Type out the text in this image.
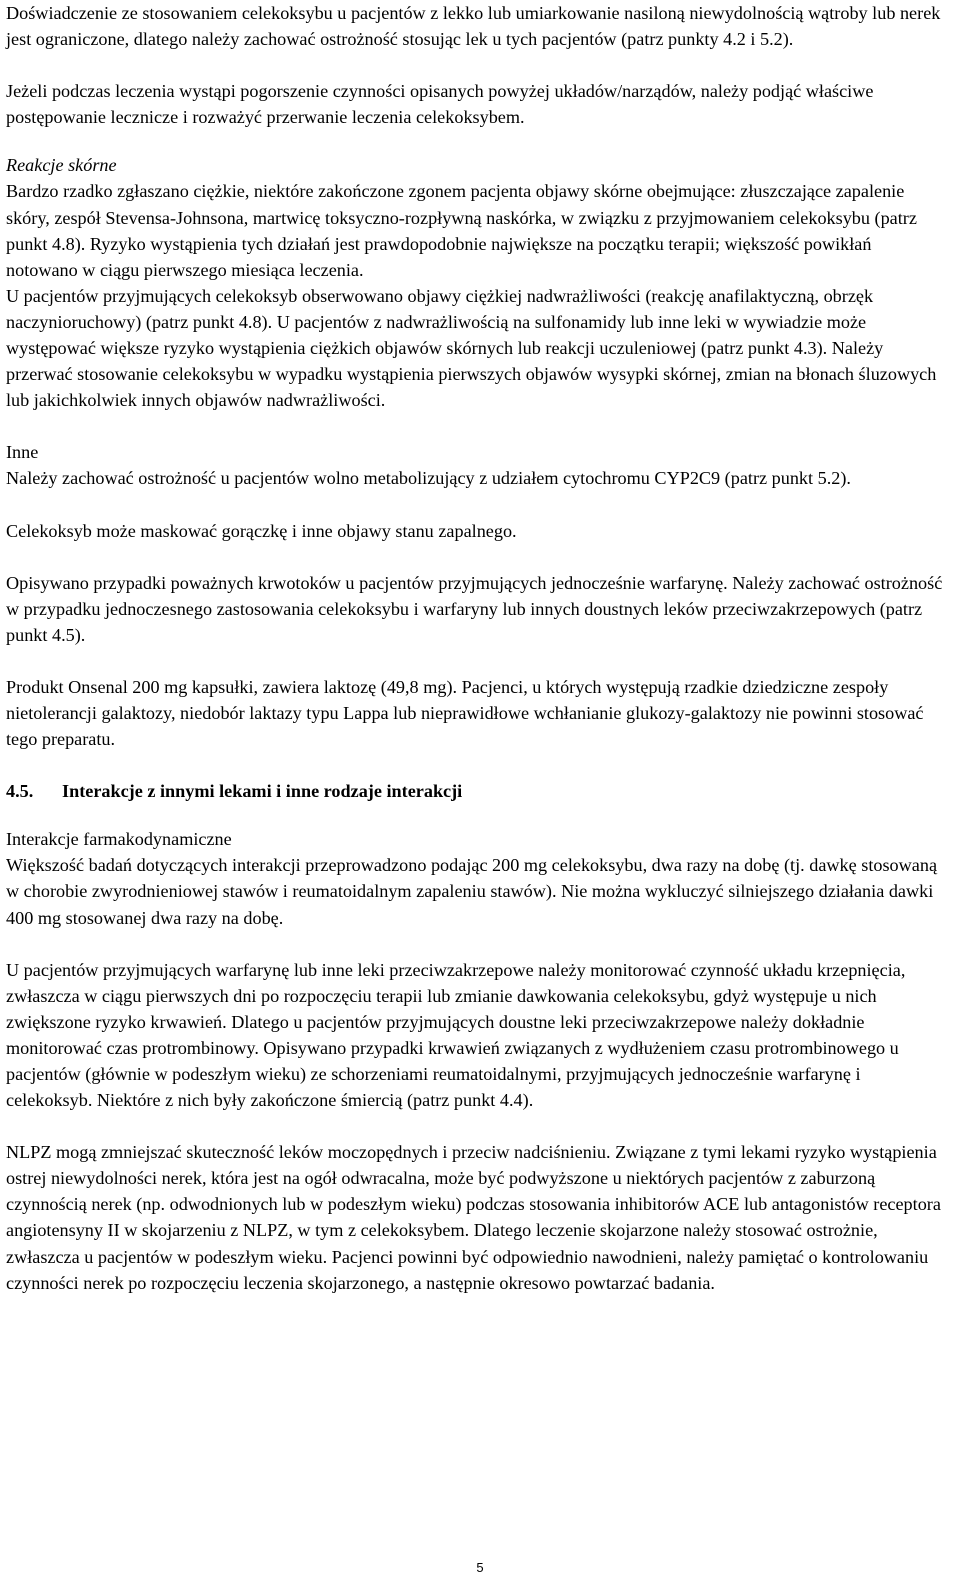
Doświadczenie ze stosowaniem celekoksybu u pacjentów z lekko lub umiarkowanie nasiloną niewydolnością wątroby lub nerek jest ograniczone, dlatego należy zachować ostrożność stosując lek u tych pacjentów (patrz punkty 4.2 i 5.2).

Jeżeli podczas leczenia wystąpi pogorszenie czynności opisanych powyżej układów/narządów, należy podjąć właściwe postępowanie lecznicze i rozważyć przerwanie leczenia celekoksybem.

Reakcje skórne

Bardzo rzadko zgłaszano ciężkie, niektóre zakończone zgonem pacjenta objawy skórne obejmujące: złuszczające zapalenie skóry, zespół Stevensa-Johnsona, martwicę toksyczno-rozpływną naskórka, w związku z przyjmowaniem celekoksybu (patrz punkt 4.8). Ryzyko wystąpienia tych działań jest prawdopodobnie największe na początku terapii; większość powikłań notowano w ciągu pierwszego miesiąca leczenia.

U pacjentów przyjmujących celekoksyb obserwowano objawy ciężkiej nadwrażliwości (reakcję anafilaktyczną, obrzęk naczynioruchowy) (patrz punkt 4.8). U pacjentów z nadwrażliwością na sulfonamidy lub inne leki w wywiadzie może występować większe ryzyko wystąpienia ciężkich objawów skórnych lub reakcji uczuleniowej (patrz punkt 4.3). Należy przerwać stosowanie celekoksybu w wypadku wystąpienia pierwszych objawów wysypki skórnej, zmian na błonach śluzowych lub jakichkolwiek innych objawów nadwrażliwości.

Inne

Należy zachować ostrożność u pacjentów wolno metabolizujący z udziałem cytochromu CYP2C9 (patrz punkt 5.2).

Celekoksyb może maskować gorączkę i inne objawy stanu zapalnego.

Opisywano przypadki poważnych krwotoków u pacjentów przyjmujących jednocześnie warfarynę. Należy zachować ostrożność w przypadku jednoczesnego zastosowania celekoksybu i warfaryny lub innych doustnych leków przeciwzakrzepowych (patrz punkt 4.5).

Produkt Onsenal 200 mg kapsułki, zawiera laktozę (49,8 mg). Pacjenci, u których występują rzadkie dziedziczne zespoły nietolerancji galaktozy, niedobór laktazy typu Lappa lub nieprawidłowe wchłanianie glukozy-galaktozy nie powinni stosować tego preparatu.

4.5.	Interakcje z innymi lekami i inne rodzaje interakcji

Interakcje farmakodynamiczne

Większość badań dotyczących interakcji przeprowadzono podając 200 mg celekoksybu, dwa razy na dobę (tj. dawkę stosowaną w chorobie zwyrodnieniowej stawów i reumatoidalnym zapaleniu stawów). Nie można wykluczyć silniejszego działania dawki 400 mg stosowanej dwa razy na dobę.

U pacjentów przyjmujących warfarynę lub inne leki przeciwzakrzepowe należy monitorować czynność układu krzepnięcia, zwłaszcza w ciągu pierwszych dni po rozpoczęciu terapii lub zmianie dawkowania celekoksybu, gdyż występuje u nich zwiększone ryzyko krwawień. Dlatego u pacjentów przyjmujących doustne leki przeciwzakrzepowe należy dokładnie monitorować czas protrombinowy. Opisywano przypadki krwawień związanych z wydłużeniem czasu protrombinowego u pacjentów (głównie w podeszłym wieku) ze schorzeniami reumatoidalnymi, przyjmujących jednocześnie warfarynę i celekoksyb. Niektóre z nich były zakończone śmiercią (patrz punkt 4.4).

NLPZ mogą zmniejszać skuteczność leków moczopędnych i przeciw nadciśnieniu. Związane z tymi lekami ryzyko wystąpienia ostrej niewydolności nerek, która jest na ogół odwracalna, może być podwyższone u niektórych pacjentów z zaburzoną czynnością nerek (np. odwodnionych lub w podeszłym wieku) podczas stosowania inhibitorów ACE lub antagonistów receptora angiotensyny II w skojarzeniu z NLPZ, w tym z celekoksybem. Dlatego leczenie skojarzone należy stosować ostrożnie, zwłaszcza u pacjentów w podeszłym wieku. Pacjenci powinni być odpowiednio nawodnieni, należy pamiętać o kontrolowaniu czynności nerek po rozpoczęciu leczenia skojarzonego, a następnie okresowo powtarzać badania.

5
